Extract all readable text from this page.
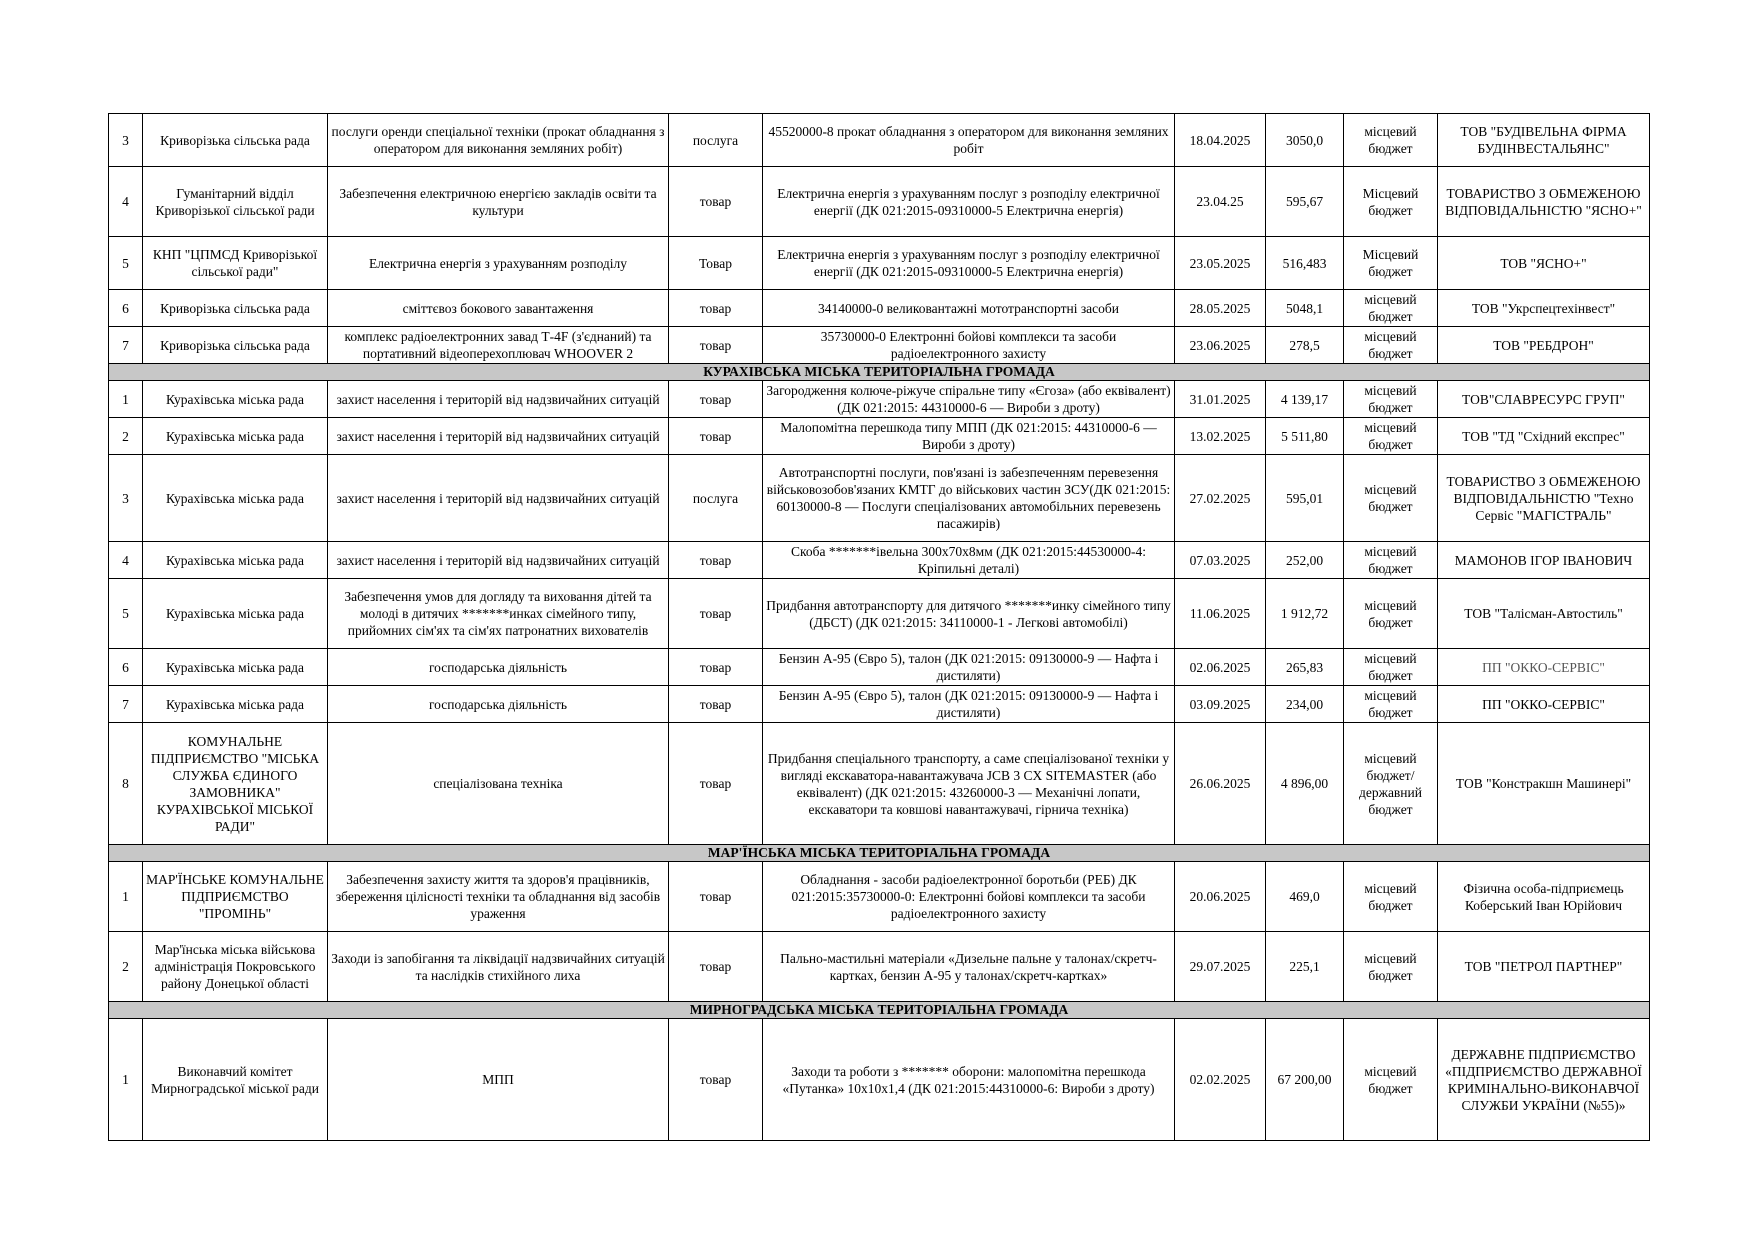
3	Криворізька сільська рада	послуги оренди спеціальної техніки (прокат обладнання з оператором для виконання земляних робіт)	послуга	45520000-8 прокат обладнання з оператором для виконання земляних робіт	18.04.2025	3050,0	місцевий бюджет	ТОВ "БУДІВЕЛЬНА ФІРМА БУДІНВЕСТАЛЬЯНС"
4	Гуманітарний відділ Криворізької сільської ради	Забезпечення електричною енергією закладів освіти та культури	товар	Електрична енергія з урахуванням послуг з розподілу електричної енергії (ДК 021:2015-09310000-5 Електрична енергія)	23.04.25	595,67	Місцевий бюджет	ТОВАРИСТВО З ОБМЕЖЕНОЮ ВІДПОВІДАЛЬНІСТЮ "ЯСНО+"
5	КНП "ЦПМСД Криворізької сільської ради"	Електрична енергія з урахуванням розподілу	Товар	Електрична енергія з урахуванням послуг з розподілу електричної енергії (ДК 021:2015-09310000-5 Електрична енергія)	23.05.2025	516,483	Місцевий бюджет	ТОВ "ЯСНО+"
6	Криворізька сільська рада	сміттєвоз бокового завантаження	товар	34140000-0 великовантажні мототранспортні засоби	28.05.2025	5048,1	місцевий бюджет	ТОВ "Укрспецтехінвест"
7	Криворізька сільська рада	комплекс радіоелектронних завад Т-4F (з'єднаний) та портативний відеоперехоплювач WHOOVER 2	товар	35730000-0 Електронні бойові комплекси та засоби радіоелектронного захисту	23.06.2025	278,5	місцевий бюджет	ТОВ "РЕБДРОН"
КУРАХІВСЬКА МІСЬКА ТЕРИТОРІАЛЬНА ГРОМАДА								
1	Курахівська міська рада	захист населення і територій від надзвичайних ситуацій	товар	Загородження колюче-ріжуче спіральне типу «Єгоза» (або еквівалент) (ДК 021:2015: 44310000-6 — Вироби з дроту)	31.01.2025	4 139,17	місцевий бюджет	ТОВ"СЛАВРЕСУРС ГРУП"
2	Курахівська міська рада	захист населення і територій від надзвичайних ситуацій	товар	Малопомітна перешкода типу МПП (ДК 021:2015: 44310000-6 — Вироби з дроту)	13.02.2025	5 511,80	місцевий бюджет	ТОВ "ТД "Східний експрес"
3	Курахівська міська рада	захист населення і територій від надзвичайних ситуацій	послуга	Автотранспортні послуги, пов'язані із забезпеченням перевезення військовозобов'язаних КМТГ до військових частин ЗСУ(ДК 021:2015: 60130000-8 — Послуги спеціалізованих автомобільних перевезень пасажирів)	27.02.2025	595,01	місцевий бюджет	ТОВАРИСТВО З ОБМЕЖЕНОЮ ВІДПОВІДАЛЬНІСТЮ "Техно Сервіс "МАГІСТРАЛЬ"
4	Курахівська міська рада	захист населення і територій від надзвичайних ситуацій	товар	Скоба *******івельна 300х70х8мм (ДК 021:2015:44530000-4: Кріпильні деталі)	07.03.2025	252,00	місцевий бюджет	МАМОНОВ ІГОР ІВАНОВИЧ
5	Курахівська міська рада	Забезпечення умов для догляду та виховання дітей та молоді в дитячих *******инках сімейного типу, прийомних сім'ях та сім'ях патронатних вихователів	товар	Придбання автотранспорту для дитячого *******инку сімейного типу (ДБСТ) (ДК 021:2015: 34110000-1 - Легкові автомобілі)	11.06.2025	1 912,72	місцевий бюджет	ТОВ "Талісман-Автостиль"
6	Курахівська міська рада	господарська діяльність	товар	Бензин А-95 (Євро 5), талон (ДК 021:2015: 09130000-9 — Нафта і дистиляти)	02.06.2025	265,83	місцевий бюджет	ПП "ОККО-СЕРВІС"
7	Курахівська міська рада	господарська діяльність	товар	Бензин А-95 (Євро 5), талон (ДК 021:2015: 09130000-9 — Нафта і дистиляти)	03.09.2025	234,00	місцевий бюджет	ПП "ОККО-СЕРВІС"
8	КОМУНАЛЬНЕ ПІДПРИЄМСТВО "МІСЬКА СЛУЖБА ЄДИНОГО ЗАМОВНИКА" КУРАХІВСЬКОЇ МІСЬКОЇ РАДИ"	спеціалізована техніка	товар	Придбання спеціального транспорту, а саме спеціалізованої техніки у вигляді екскаватора-навантажувача JCB 3 CX SITEMASTER (або еквівалент) (ДК 021:2015: 43260000-3 — Механічні лопати, екскаватори та ковшові навантажувачі, гірнича техніка)	26.06.2025	4 896,00	місцевий бюджет/державний бюджет	ТОВ "Констракшн Машинері"
МАР'ЇНСЬКА МІСЬКА ТЕРИТОРІАЛЬНА ГРОМАДА								
1	МАР'ЇНСЬКЕ КОМУНАЛЬНЕ ПІДПРИЄМСТВО "ПРОМІНЬ"	Забезпечення захисту життя та здоров'я працівників, збереження цілісності техніки та обладнання від засобів ураження	товар	Обладнання - засоби радіоелектронної боротьби (РЕБ) ДК 021:2015:35730000-0: Електронні бойові комплекси та засоби радіоелектронного захисту	20.06.2025	469,0	місцевий бюджет	Фізична особа-підприємець Коберський Іван Юрійович
2	Мар'їнська міська військова адміністрація Покровського району Донецької області	Заходи із запобігання та ліквідації надзвичайних ситуацій та наслідків стихійного лиха	товар	Пально-мастильні матеріали «Дизельне пальне у талонах/скретч-картках, бензин А-95 у талонах/скретч-картках»	29.07.2025	225,1	місцевий бюджет	ТОВ "ПЕТРОЛ ПАРТНЕР"
МИРНОГРАДСЬКА МІСЬКА ТЕРИТОРІАЛЬНА ГРОМАДА								
1	Виконавчий комітет Мирноградської міської ради	МПП	товар	Заходи та роботи з ******* оборони: малопомітна перешкода «Путанка» 10х10х1,4 (ДК 021:2015:44310000-6: Вироби з дроту)	02.02.2025	67 200,00	місцевий бюджет	ДЕРЖАВНЕ ПІДПРИЄМСТВО «ПІДПРИЄМСТВО ДЕРЖАВНОЇ КРИМІНАЛЬНО-ВИКОНАВЧОЇ СЛУЖБИ УКРАЇНИ (№55)»
